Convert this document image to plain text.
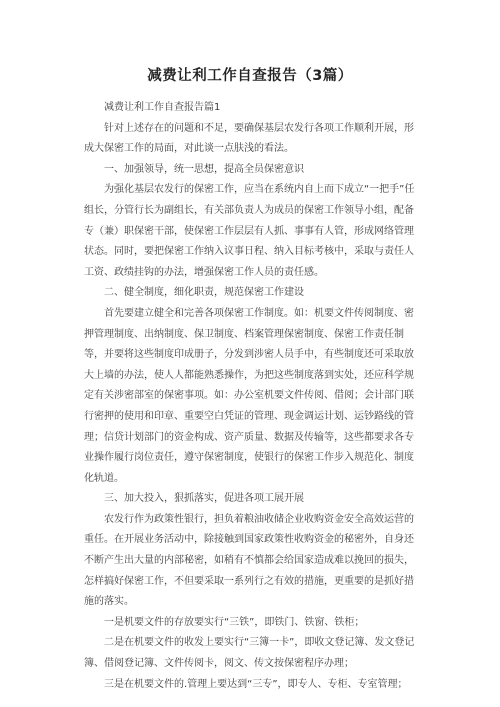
减费让利工作自查报告（3篇）

减费让利工作自查报告篇1

针对上述存在的问题和不足，要确保基层农发行各项工作顺利开展，形成大保密工作的局面，对此谈一点肤浅的看法。

一、加强领导，统一思想，提高全员保密意识

为强化基层农发行的保密工作，应当在系统内自上而下成立“一把手”任组长，分管行长为副组长，有关部负责人为成员的保密工作领导小组，配备专（兼）职保密干部，使保密工作层层有人抓、事事有人管，形成网络管理状态。同时，要把保密工作纳入议事日程、纳入目标考核中，采取与责任人工资、政绩挂钩的办法，增强保密工作人员的责任感。

二、健全制度，细化职责，规范保密工作建设

首先要建立健全和完善各项保密工作制度。如：机要文件传阅制度、密押管理制度、出纳制度、保卫制度、档案管理保密制度、保密工作责任制等，并要将这些制度印成册子，分发到涉密人员手中，有些制度还可采取放大上墙的办法，使人人都能熟悉操作，为把这些制度落到实处，还应科学规定有关涉密部室的保密事项。如：办公室机要文件传阅、借阅；会计部门联行密押的使用和印章、重要空白凭证的管理、现金调运计划、运钞路线的管理；信贷计划部门的资金构成、资产质量、数据及传输等，这些都要求各专业操作履行岗位责任，遵守保密制度，使银行的保密工作步入规范化、制度化轨道。

三、加大投入，狠抓落实，促进各项工展开展

农发行作为政策性银行，担负着粮油收储企业收购资金安全高效运营的重任。在开展业务活动中，除接触到国家政策性收购资金的秘密外，自身还不断产生出大量的内部秘密，如稍有不慎都会给国家造成难以挽回的损失，怎样搞好保密工作，不但要采取一系列行之有效的措施，更重要的是抓好措施的落实。

一是机要文件的存放要实行“三铁”，即铁门、铁窗、铁柜；

二是在机要文件的收发上要实行“三簿一卡”，即收文登记簿、发文登记簿、借阅登记簿、文件传阅卡，阅文、传文按保密程序办理；

三是在机要文件的.管理上要达到“三专”，即专人、专柜、专室管理；
